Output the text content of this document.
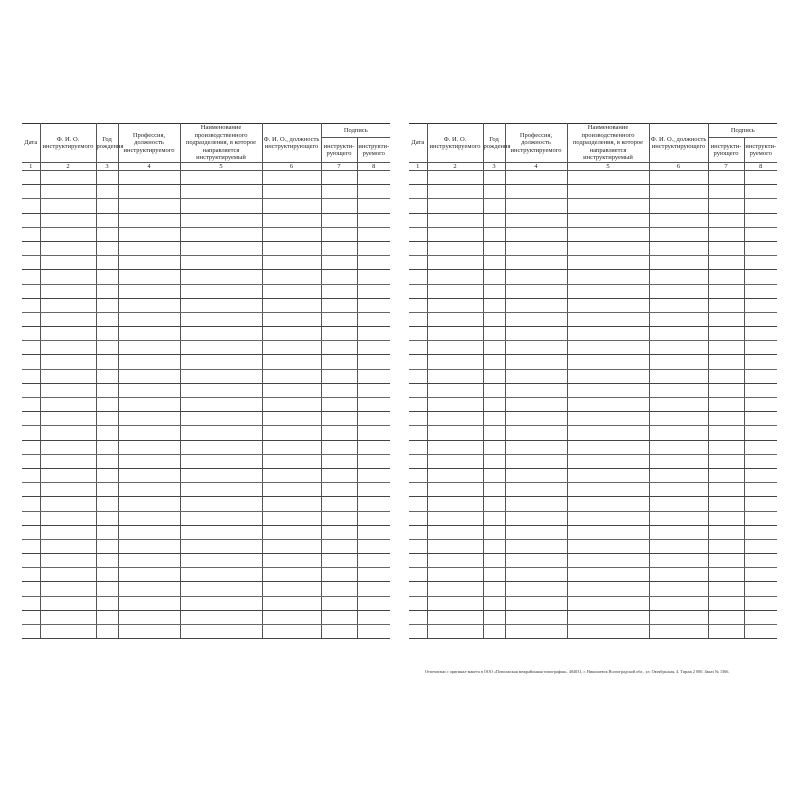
Дата	Ф. И. О. инструктируемого	Год рождения	Профессия, должность инструктируемого	Наименование производственного подразделения, в которое направляется инструктируемый	Ф. И. О., должность инструктирующего	Подпись	
						инструкти-рующего	инструкти-руемого
1	2	3	4	5	6	7	8

Дата	Ф. И. О. инструктируемого	Год рождения	Профессия, должность инструктируемого	Наименование производственного подразделения, в которое направляется инструктируемый	Ф. И. О., должность инструктирующего	Подпись	
						инструкти-рующего	инструкти-руемого
1	2	3	4	5	6	7	8

Отпечатано с оригинал-макета в ООО «Поволжская межрайонная типография». 404031, г. Николаевск Волгоградской обл., ул. Октябрьская, 4. Тираж 2 000. Заказ № 1366.
